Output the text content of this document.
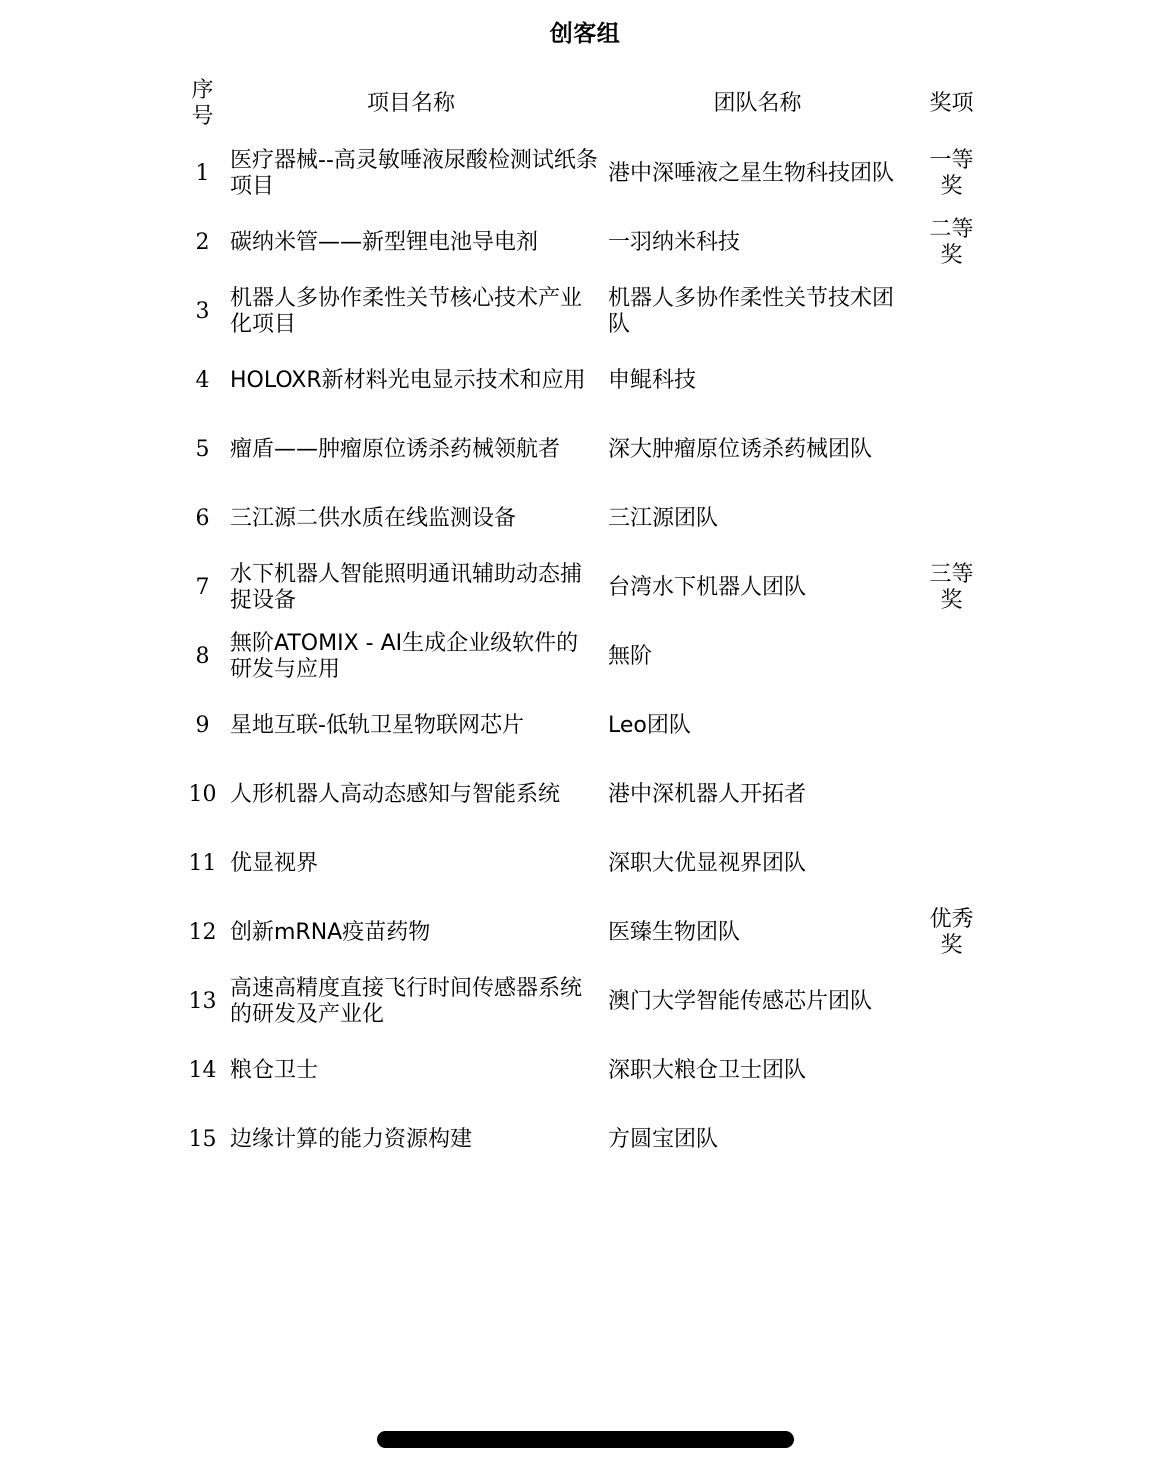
创客组
序号	项目名称	团队名称	奖项
1	医疗器械--高灵敏唾液尿酸检测试纸条项目	港中深唾液之星生物科技团队	一等奖
2	碳纳米管——新型锂电池导电剂	一羽纳米科技	二等奖
3	机器人多协作柔性关节核心技术产业化项目	机器人多协作柔性关节技术团队	
4	HOLOXR新材料光电显示技术和应用	申鲲科技	
5	瘤盾——肿瘤原位诱杀药械领航者	深大肿瘤原位诱杀药械团队	
6	三江源二供水质在线监测设备	三江源团队	
7	水下机器人智能照明通讯辅助动态捕捉设备	台湾水下机器人团队	三等奖
8	無阶ATOMIX - AI生成企业级软件的研发与应用	無阶	
9	星地互联-低轨卫星物联网芯片	Leo团队	
10	人形机器人高动态感知与智能系统	港中深机器人开拓者	
11	优显视界	深职大优显视界团队	
12	创新mRNA疫苗药物	医臻生物团队	优秀奖
13	高速高精度直接飞行时间传感器系统的研发及产业化	澳门大学智能传感芯片团队	
14	粮仓卫士	深职大粮仓卫士团队	
15	边缘计算的能力资源构建	方圆宝团队	
